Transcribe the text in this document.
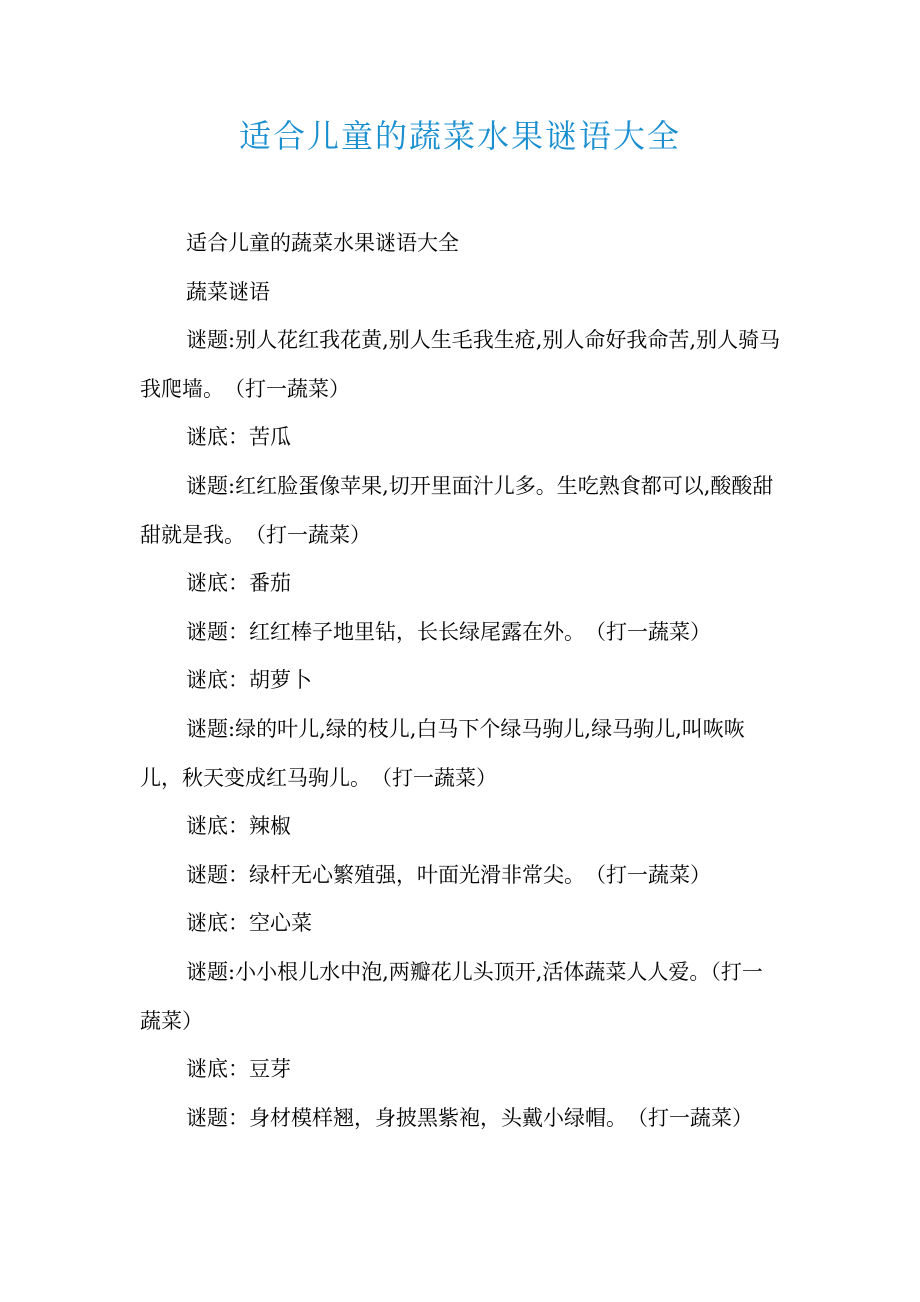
适合儿童的蔬菜水果谜语大全

适合儿童的蔬菜水果谜语大全

蔬菜谜语

谜题:别人花红我花黄,别人生毛我生疮,别人命好我命苦,别人骑马我爬墙。　（打一蔬菜）

谜底：苦瓜

谜题:红红脸蛋像苹果,切开里面汁儿多。生吃熟食都可以,酸酸甜甜就是我。　（打一蔬菜）

谜底：番茄

谜题：红红棒子地里钻，长长绿尾露在外。　（打一蔬菜）

谜底：胡萝卜

谜题:绿的叶儿,绿的枝儿,白马下个绿马驹儿,绿马驹儿,叫咴咴儿，秋天变成红马驹儿。　（打一蔬菜）

谜底：辣椒

谜题：绿杆无心繁殖强，叶面光滑非常尖。　（打一蔬菜）

谜底：空心菜

谜题:小小根儿水中泡,两瓣花儿头顶开,活体蔬菜人人爱。（打一蔬菜）

谜底：豆芽

谜题：身材模样翘，身披黑紫袍，头戴小绿帽。　（打一蔬菜）
